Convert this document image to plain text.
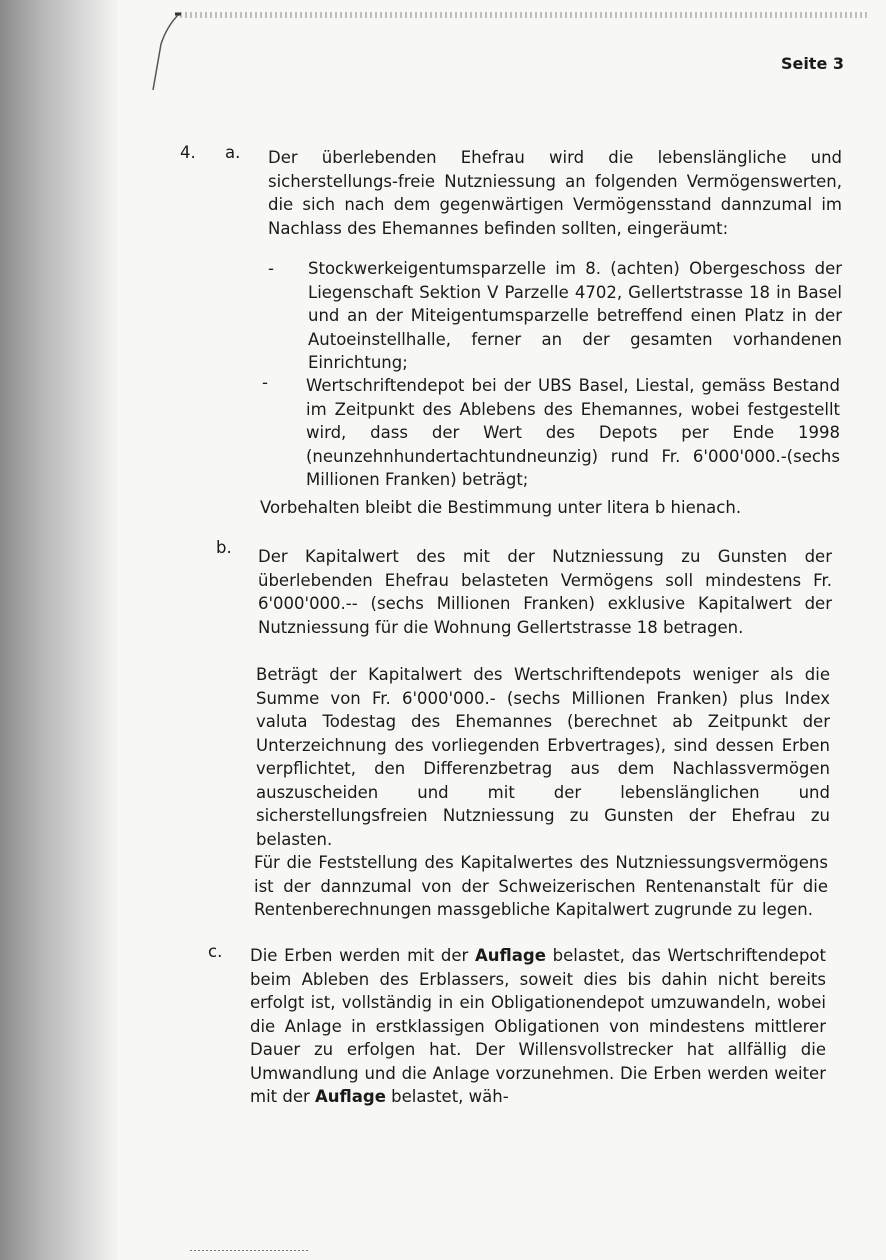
Seite 3
4. a. Der überlebenden Ehefrau wird die lebenslängliche und sicherstellungs-freie Nutzniessung an folgenden Vermögenswerten, die sich nach dem gegenwärtigen Vermögensstand dannzumal im Nachlass des Ehemannes befinden sollten, eingeräumt:
- Stockwerkeigentumsparzelle im 8. (achten) Obergeschoss der Liegenschaft Sektion V Parzelle 4702, Gellertstrasse 18 in Basel und an der Miteigentumsparzelle betreffend einen Platz in der Autoeinstellhalle, ferner an der gesamten vorhandenen Einrichtung;
- Wertschriftendepot bei der UBS Basel, Liestal, gemäss Bestand im Zeitpunkt des Ablebens des Ehemannes, wobei festgestellt wird, dass der Wert des Depots per Ende 1998 (neunzehnhundertachtundneunzig) rund Fr. 6'000'000.-(sechs Millionen Franken) beträgt;
Vorbehalten bleibt die Bestimmung unter litera b hienach.
b. Der Kapitalwert des mit der Nutzniessung zu Gunsten der überlebenden Ehefrau belasteten Vermögens soll mindestens Fr. 6'000'000.-- (sechs Millionen Franken) exklusive Kapitalwert der Nutzniessung für die Wohnung Gellertstrasse 18 betragen.
Beträgt der Kapitalwert des Wertschriftendepots weniger als die Summe von Fr. 6'000'000.- (sechs Millionen Franken) plus Index valuta Todestag des Ehemannes (berechnet ab Zeitpunkt der Unterzeichnung des vorliegenden Erbvertrages), sind dessen Erben verpflichtet, den Differenzbetrag aus dem Nachlassvermögen auszuscheiden und mit der lebenslänglichen und sicherstellungsfreien Nutzniessung zu Gunsten der Ehefrau zu belasten.
Für die Feststellung des Kapitalwertes des Nutzniessungsvermögens ist der dannzumal von der Schweizerischen Rentenanstalt für die Rentenberechnungen massgebliche Kapitalwert zugrunde zu legen.
c. Die Erben werden mit der Auflage belastet, das Wertschriftendepot beim Ableben des Erblassers, soweit dies bis dahin nicht bereits erfolgt ist, vollständig in ein Obligationendepot umzuwandeln, wobei die Anlage in erstklassigen Obligationen von mindestens mittlerer Dauer zu erfolgen hat. Der Willensvollstrecker hat allfällig die Umwandlung und die Anlage vorzunehmen. Die Erben werden weiter mit der Auflage belastet, wäh-
